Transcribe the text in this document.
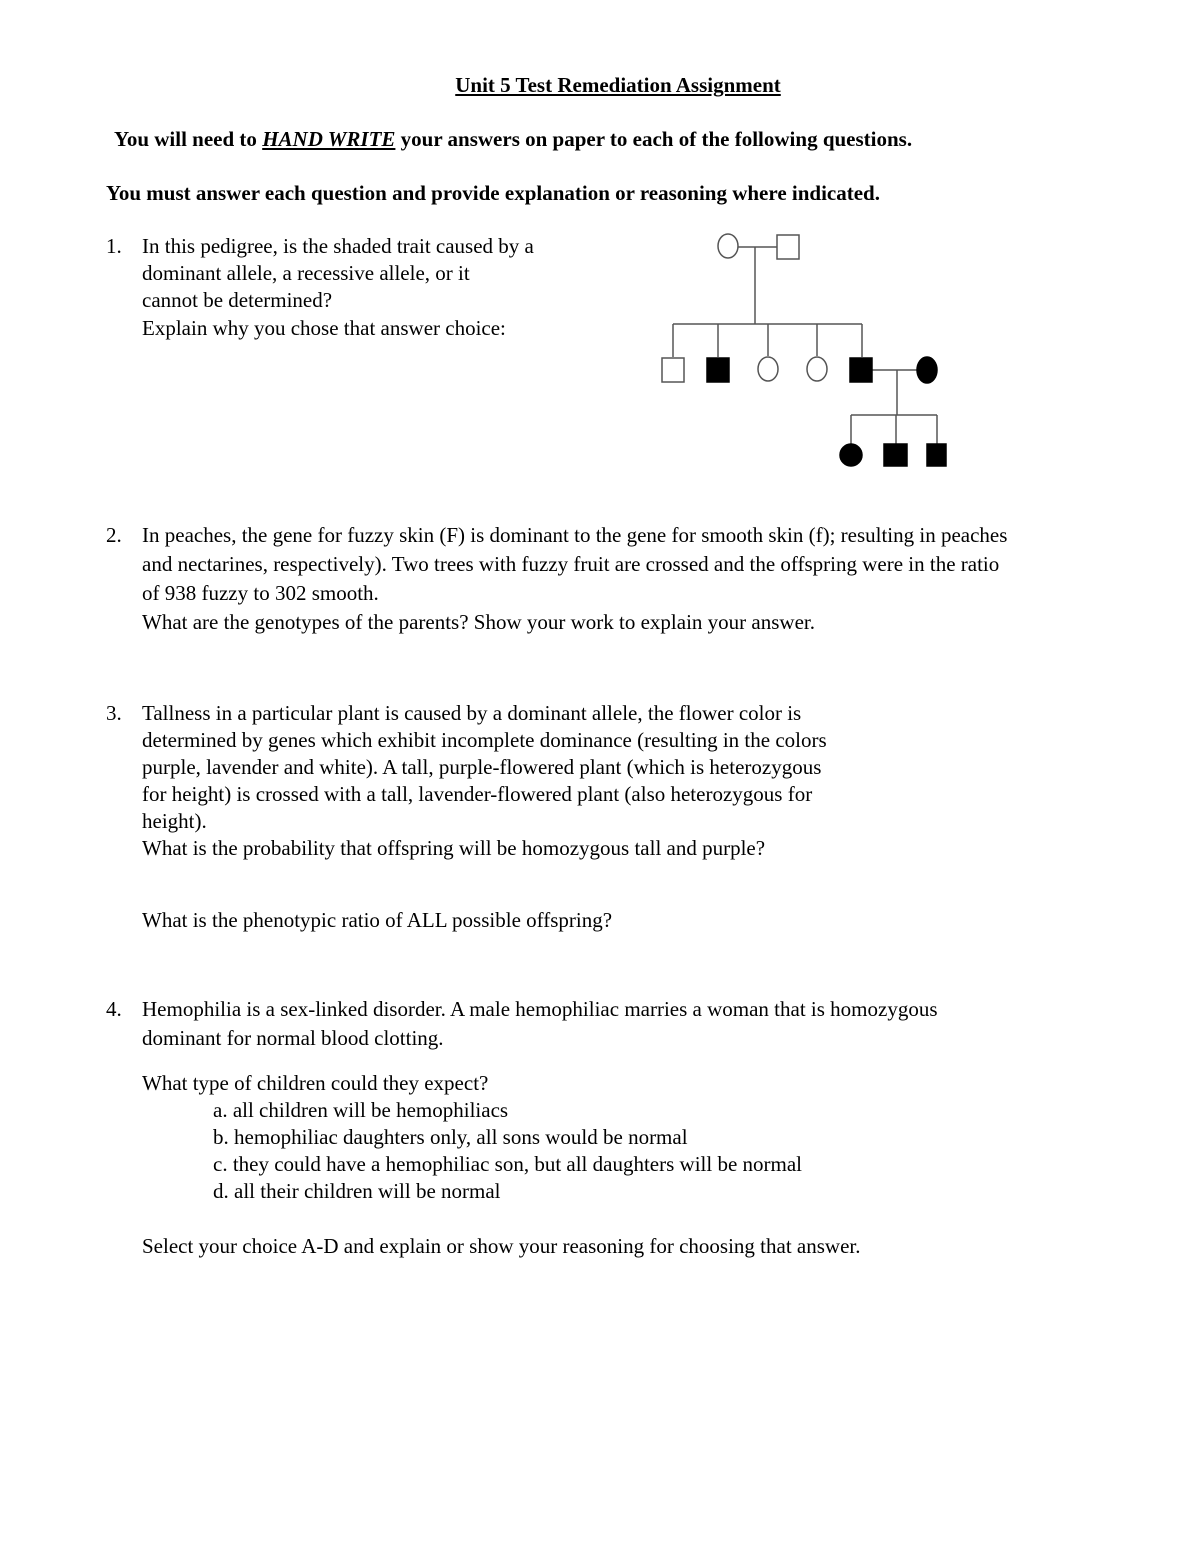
Unit 5 Test Remediation Assignment
You will need to HAND WRITE your answers on paper to each of the following questions.
You must answer each question and provide explanation or reasoning where indicated.
1. In this pedigree, is the shaded trait caused by a
dominant allele, a recessive allele, or it
cannot be determined?
Explain why you chose that answer choice:
2. In peaches, the gene for fuzzy skin (F) is dominant to the gene for smooth skin (f); resulting in peaches
and nectarines, respectively). Two trees with fuzzy fruit are crossed and the offspring were in the ratio
of 938 fuzzy to 302 smooth.
What are the genotypes of the parents? Show your work to explain your answer.
3. Tallness in a particular plant is caused by a dominant allele, the flower color is
determined by genes which exhibit incomplete dominance (resulting in the colors
purple, lavender and white). A tall, purple-flowered plant (which is heterozygous
for height) is crossed with a tall, lavender-flowered plant (also heterozygous for
height).
What is the probability that offspring will be homozygous tall and purple?
What is the phenotypic ratio of ALL possible offspring?
4. Hemophilia is a sex-linked disorder. A male hemophiliac marries a woman that is homozygous
dominant for normal blood clotting.
What type of children could they expect?
a. all children will be hemophiliacs
b. hemophiliac daughters only, all sons would be normal
c. they could have a hemophiliac son, but all daughters will be normal
d. all their children will be normal
Select your choice A-D and explain or show your reasoning for choosing that answer.
